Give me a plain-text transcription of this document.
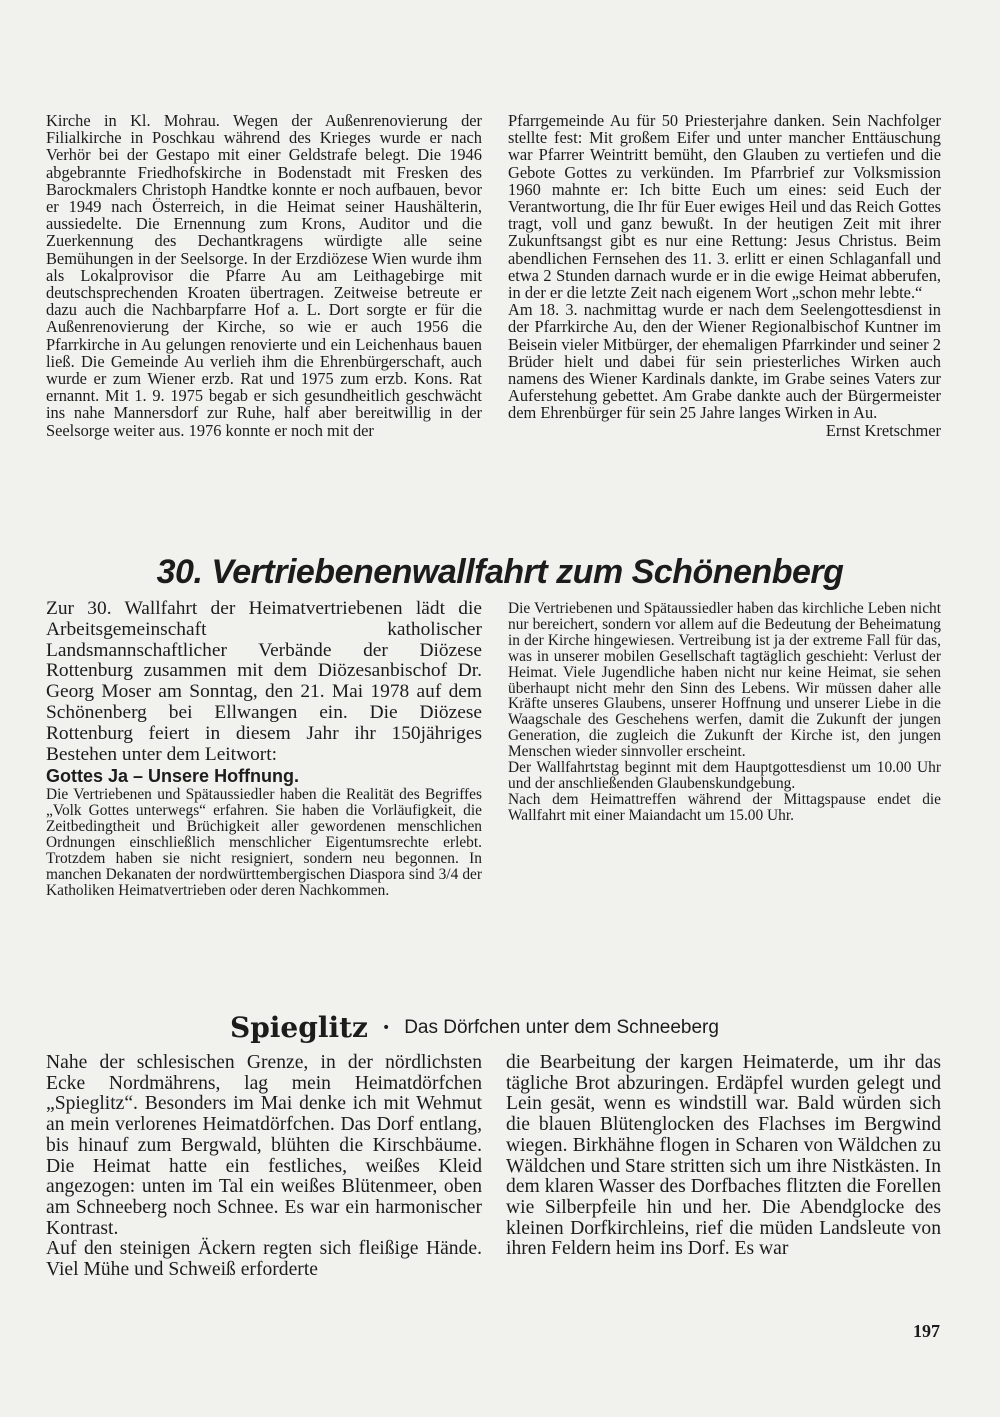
Kirche in Kl. Mohrau. Wegen der Außenrenovierung der Filialkirche in Poschkau während des Krieges wurde er nach Verhör bei der Gestapo mit einer Geldstrafe belegt. Die 1946 abgebrannte Friedhofskirche in Bodenstadt mit Fresken des Barockmalers Christoph Handtke konnte er noch aufbauen, bevor er 1949 nach Österreich, in die Heimat seiner Haushälterin, aussiedelte. Die Ernennung zum Krons, Auditor und die Zuerkennung des Dechantkragens würdigte alle seine Bemühungen in der Seelsorge. In der Erzdiözese Wien wurde ihm als Lokalprovisor die Pfarre Au am Leithagebirge mit deutschsprechenden Kroaten übertragen. Zeitweise betreute er dazu auch die Nachbarpfarre Hof a. L. Dort sorgte er für die Außenrenovierung der Kirche, so wie er auch 1956 die Pfarrkirche in Au gelungen renovierte und ein Leichenhaus bauen ließ. Die Gemeinde Au verlieh ihm die Ehrenbürgerschaft, auch wurde er zum Wiener erzb. Rat und 1975 zum erzb. Kons. Rat ernannt. Mit 1. 9. 1975 begab er sich gesundheitlich geschwächt ins nahe Mannersdorf zur Ruhe, half aber bereitwillig in der Seelsorge weiter aus. 1976 konnte er noch mit der

Pfarrgemeinde Au für 50 Priesterjahre danken. Sein Nachfolger stellte fest: Mit großem Eifer und unter mancher Enttäuschung war Pfarrer Weintritt bemüht, den Glauben zu vertiefen und die Gebote Gottes zu verkünden. Im Pfarrbrief zur Volksmission 1960 mahnte er: Ich bitte Euch um eines: seid Euch der Verantwortung, die Ihr für Euer ewiges Heil und das Reich Gottes tragt, voll und ganz bewußt. In der heutigen Zeit mit ihrer Zukunftsangst gibt es nur eine Rettung: Jesus Christus. Beim abendlichen Fernsehen des 11. 3. erlitt er einen Schlaganfall und etwa 2 Stunden darnach wurde er in die ewige Heimat abberufen, in der er die letzte Zeit nach eigenem Wort „schon mehr lebte.“

Am 18. 3. nachmittag wurde er nach dem Seelengottesdienst in der Pfarrkirche Au, den der Wiener Regionalbischof Kuntner im Beisein vieler Mitbürger, der ehemaligen Pfarrkinder und seiner 2 Brüder hielt und dabei für sein priesterliches Wirken auch namens des Wiener Kardinals dankte, im Grabe seines Vaters zur Auferstehung gebettet. Am Grabe dankte auch der Bürgermeister dem Ehrenbürger für sein 25 Jahre langes Wirken in Au.

Ernst Kretschmer

30. Vertriebenenwallfahrt zum Schönenberg

Zur 30. Wallfahrt der Heimatvertriebenen lädt die Arbeitsgemeinschaft katholischer Landsmannschaftlicher Verbände der Diözese Rottenburg zusammen mit dem Diözesanbischof Dr. Georg Moser am Sonntag, den 21. Mai 1978 auf dem Schönenberg bei Ellwangen ein. Die Diözese Rottenburg feiert in diesem Jahr ihr 150jähriges Bestehen unter dem Leitwort:

Gottes Ja – Unsere Hoffnung.

Die Vertriebenen und Spätaussiedler haben die Realität des Begriffes „Volk Gottes unterwegs“ erfahren. Sie haben die Vorläufigkeit, die Zeitbedingtheit und Brüchigkeit aller gewordenen menschlichen Ordnungen einschließlich menschlicher Eigentumsrechte erlebt. Trotzdem haben sie nicht resigniert, sondern neu begonnen. In manchen Dekanaten der nordwürttembergischen Diaspora sind 3/4 der Katholiken Heimatvertrieben oder deren Nachkommen.

Die Vertriebenen und Spätaussiedler haben das kirchliche Leben nicht nur bereichert, sondern vor allem auf die Bedeutung der Beheimatung in der Kirche hingewiesen. Vertreibung ist ja der extreme Fall für das, was in unserer mobilen Gesellschaft tagtäglich geschieht: Verlust der Heimat. Viele Jugendliche haben nicht nur keine Heimat, sie sehen überhaupt nicht mehr den Sinn des Lebens. Wir müssen daher alle Kräfte unseres Glaubens, unserer Hoffnung und unserer Liebe in die Waagschale des Geschehens werfen, damit die Zukunft der jungen Generation, die zugleich die Zukunft der Kirche ist, den jungen Menschen wieder sinnvoller erscheint.

Der Wallfahrtstag beginnt mit dem Hauptgottesdienst um 10.00 Uhr und der anschließenden Glaubenskundgebung.

Nach dem Heimattreffen während der Mittagspause endet die Wallfahrt mit einer Maiandacht um 15.00 Uhr.

Spieglitz • Das Dörfchen unter dem Schneeberg

Nahe der schlesischen Grenze, in der nördlichsten Ecke Nordmährens, lag mein Heimatdörfchen „Spieglitz“. Besonders im Mai denke ich mit Wehmut an mein verlorenes Heimatdörfchen. Das Dorf entlang, bis hinauf zum Bergwald, blühten die Kirschbäume. Die Heimat hatte ein festliches, weißes Kleid angezogen: unten im Tal ein weißes Blütenmeer, oben am Schneeberg noch Schnee. Es war ein harmonischer Kontrast.

Auf den steinigen Äckern regten sich fleißige Hände. Viel Mühe und Schweiß erforderte

die Bearbeitung der kargen Heimaterde, um ihr das tägliche Brot abzuringen. Erdäpfel wurden gelegt und Lein gesät, wenn es windstill war. Bald würden sich die blauen Blütenglocken des Flachses im Bergwind wiegen. Birkhähne flogen in Scharen von Wäldchen zu Wäldchen und Stare stritten sich um ihre Nistkästen. In dem klaren Wasser des Dorfbaches flitzten die Forellen wie Silberpfeile hin und her. Die Abendglocke des kleinen Dorfkirchleins, rief die müden Landsleute von ihren Feldern heim ins Dorf. Es war

197
